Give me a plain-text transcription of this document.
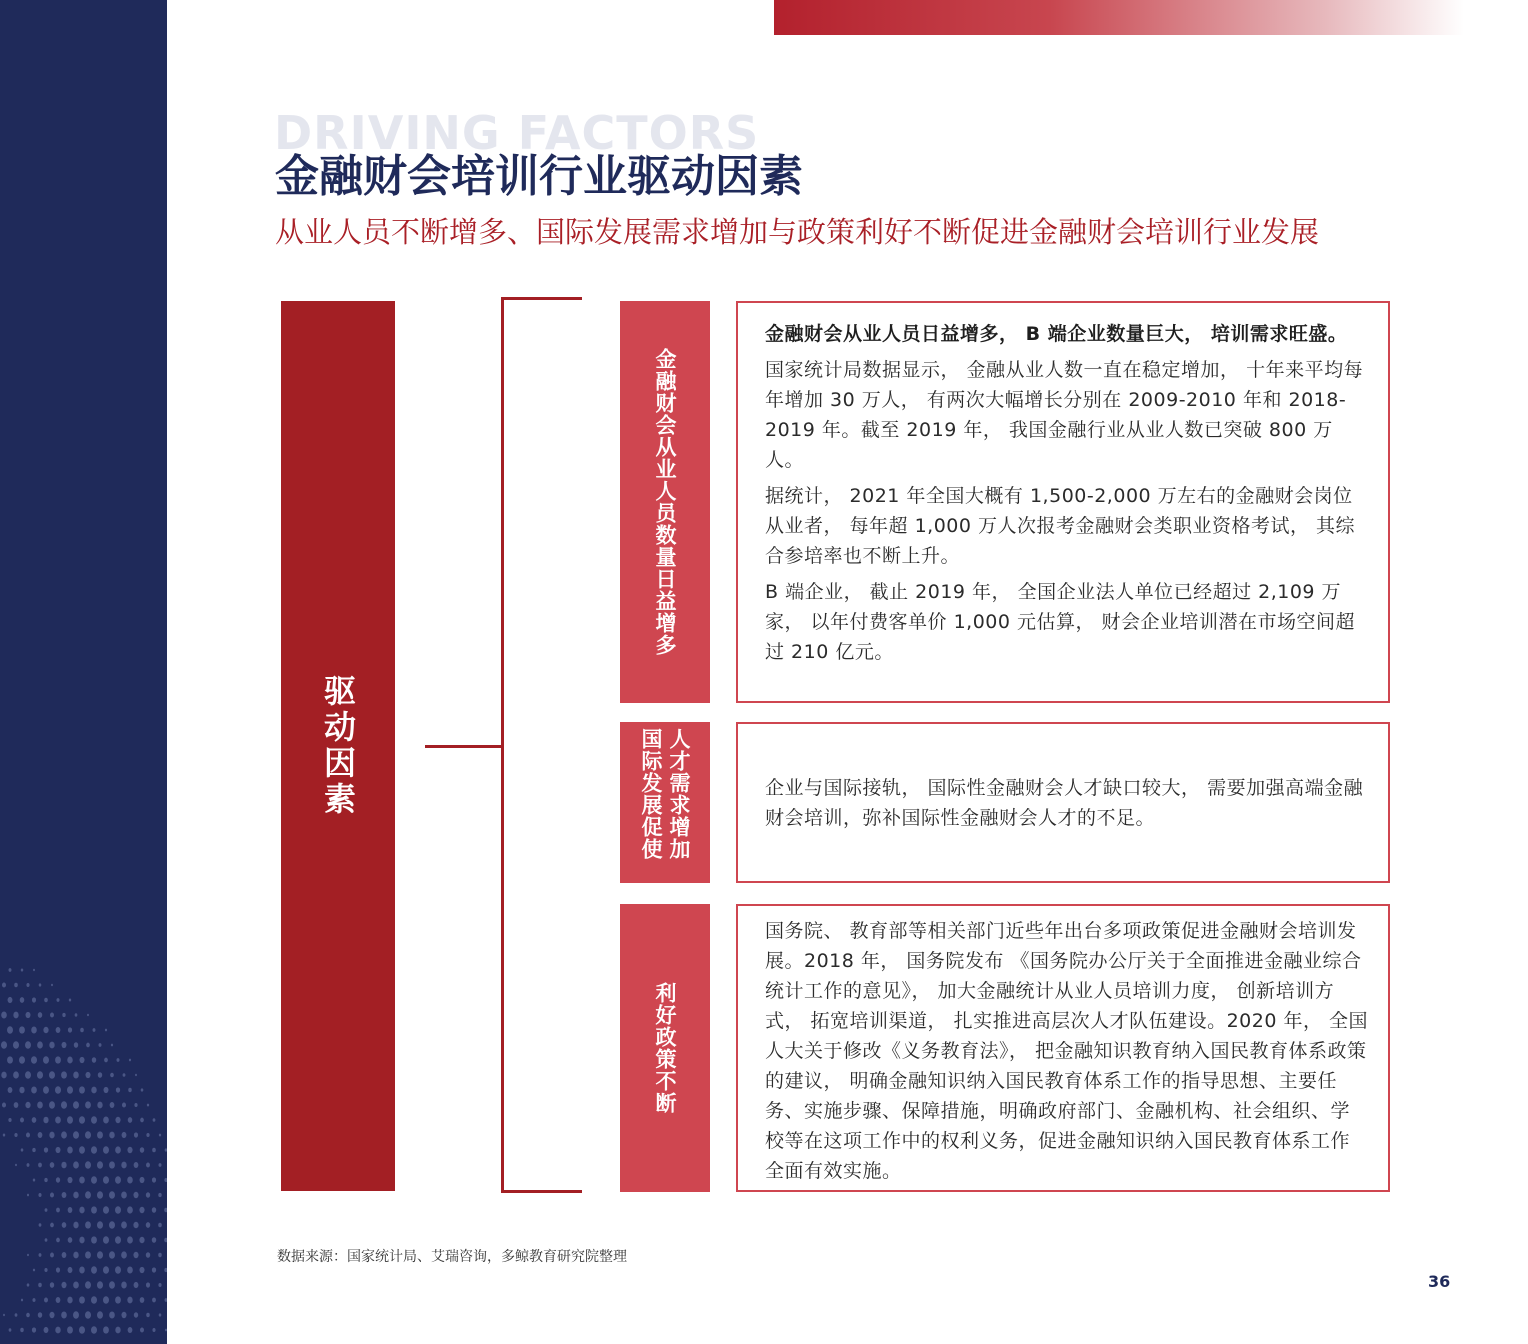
DRIVING FACTORS
金融财会培训行业驱动因素
从业人员不断增多、国际发展需求增加与政策利好不断促进金融财会培训行业发展
驱动因素
金融财会从业人员数量日益增多

金融财会从业人员日益增多， B 端企业数量巨大， 培训需求旺盛。

国家统计局数据显示， 金融从业人数一直在稳定增加， 十年来平均每年增加 30 万人， 有两次大幅增长分别在 2009-2010 年和 2018-2019 年。截至 2019 年， 我国金融行业从业人数已突破 800 万人。

据统计， 2021 年全国大概有 1,500-2,000 万左右的金融财会岗位从业者， 每年超 1,000 万人次报考金融财会类职业资格考试， 其综合参培率也不断上升。

B 端企业， 截止 2019 年， 全国企业法人单位已经超过 2,109 万家， 以年付费客单价 1,000 元估算， 财会企业培训潜在市场空间超过 210 亿元。

人才需求增加国际发展促使	企业与国际接轨， 国际性金融财会人才缺口较大， 需要加强高端金融财会培训，弥补国际性金融财会人才的不足。

利好政策不断

国务院、 教育部等相关部门近些年出台多项政策促进金融财会培训发展。2018 年， 国务院发布 《国务院办公厅关于全面推进金融业综合统计工作的意见》， 加大金融统计从业人员培训力度， 创新培训方式， 拓宽培训渠道， 扎实推进高层次人才队伍建设。2020 年， 全国人大关于修改《义务教育法》， 把金融知识教育纳入国民教育体系政策的建议， 明确金融知识纳入国民教育体系工作的指导思想、主要任务、实施步骤、保障措施，明确政府部门、金融机构、社会组织、学校等在这项工作中的权利义务，促进金融知识纳入国民教育体系工作全面有效实施。

数据来源：国家统计局、艾瑞咨询，多鲸教育研究院整理
36
